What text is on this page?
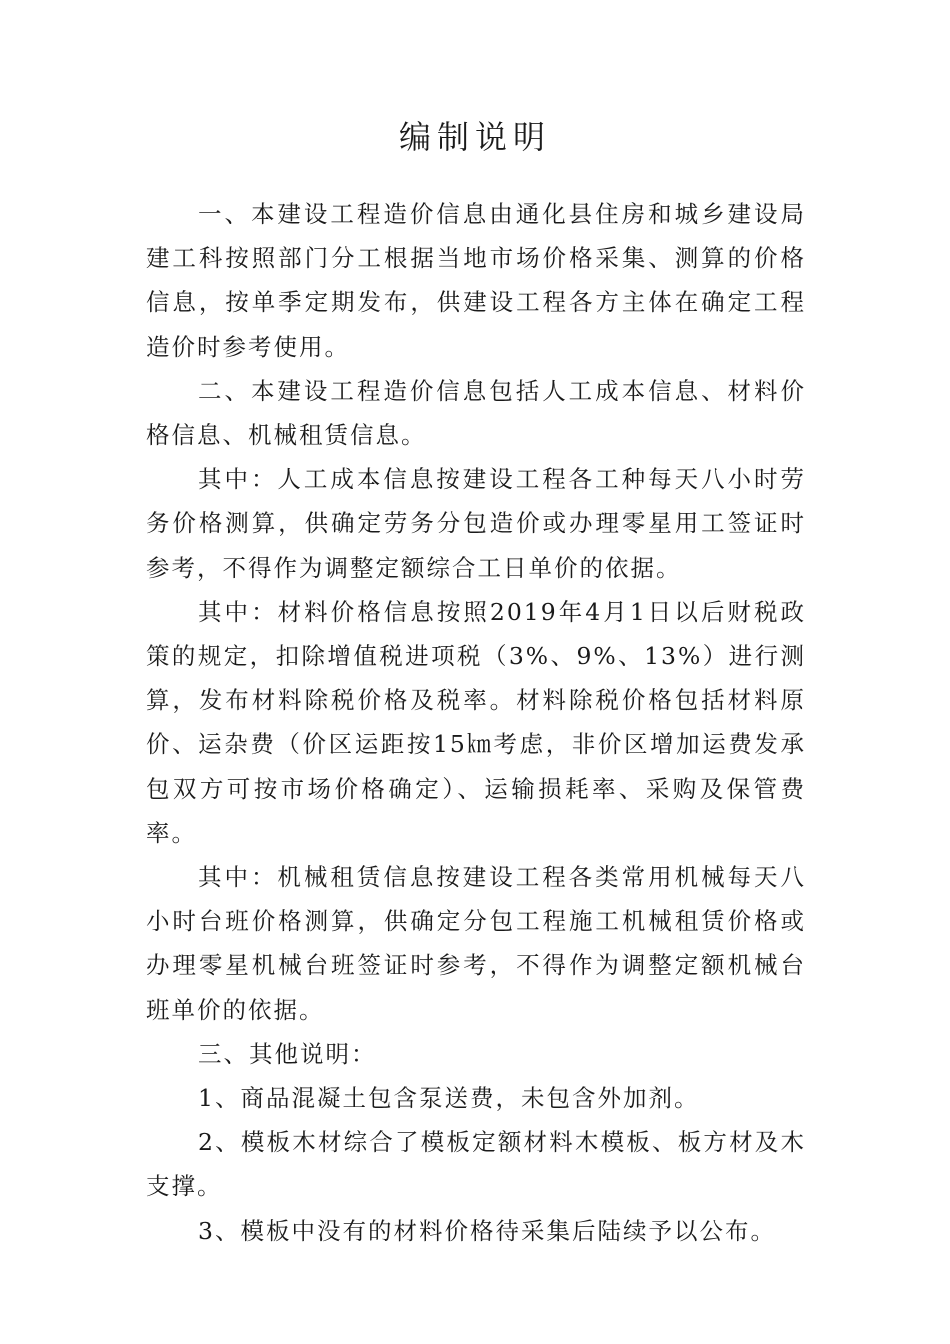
编制说明

一、本建设工程造价信息由通化县住房和城乡建设局建工科按照部门分工根据当地市场价格采集、测算的价格信息，按单季定期发布，供建设工程各方主体在确定工程造价时参考使用。

二、本建设工程造价信息包括人工成本信息、材料价格信息、机械租赁信息。

其中：人工成本信息按建设工程各工种每天八小时劳务价格测算，供确定劳务分包造价或办理零星用工签证时参考，不得作为调整定额综合工日单价的依据。

其中：材料价格信息按照2019年4月1日以后财税政策的规定，扣除增值税进项税（3%、9%、13%）进行测算，发布材料除税价格及税率。材料除税价格包括材料原价、运杂费（价区运距按15㎞考虑，非价区增加运费发承包双方可按市场价格确定）、运输损耗率、采购及保管费率。

其中：机械租赁信息按建设工程各类常用机械每天八小时台班价格测算，供确定分包工程施工机械租赁价格或办理零星机械台班签证时参考，不得作为调整定额机械台班单价的依据。

三、其他说明：

1、商品混凝土包含泵送费，未包含外加剂。

2、模板木材综合了模板定额材料木模板、板方材及木支撑。

3、模板中没有的材料价格待采集后陆续予以公布。
